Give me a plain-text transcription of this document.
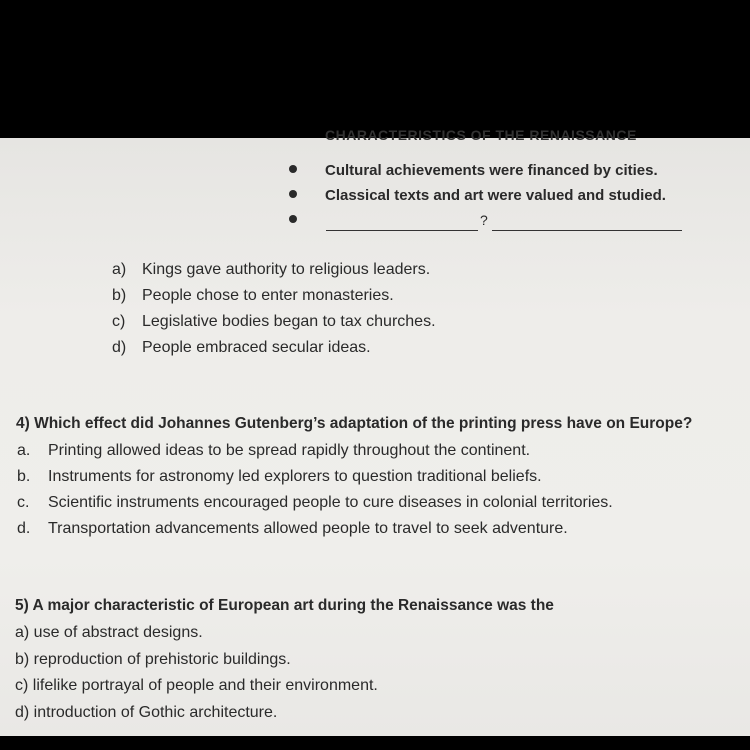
CHARACTERISTICS OF THE RENAISSANCE
Cultural achievements were financed by cities.
Classical texts and art were valued and studied.
?
a) Kings gave authority to religious leaders.
b) People chose to enter monasteries.
c) Legislative bodies began to tax churches.
d) People embraced secular ideas.
4) Which effect did Johannes Gutenberg’s adaptation of the printing press have on Europe?
a. Printing allowed ideas to be spread rapidly throughout the continent.
b. Instruments for astronomy led explorers to question traditional beliefs.
c. Scientific instruments encouraged people to cure diseases in colonial territories.
d. Transportation advancements allowed people to travel to seek adventure.
5) A major characteristic of European art during the Renaissance was the
a) use of abstract designs.
b) reproduction of prehistoric buildings.
c) lifelike portrayal of people and their environment.
d) introduction of Gothic architecture.
